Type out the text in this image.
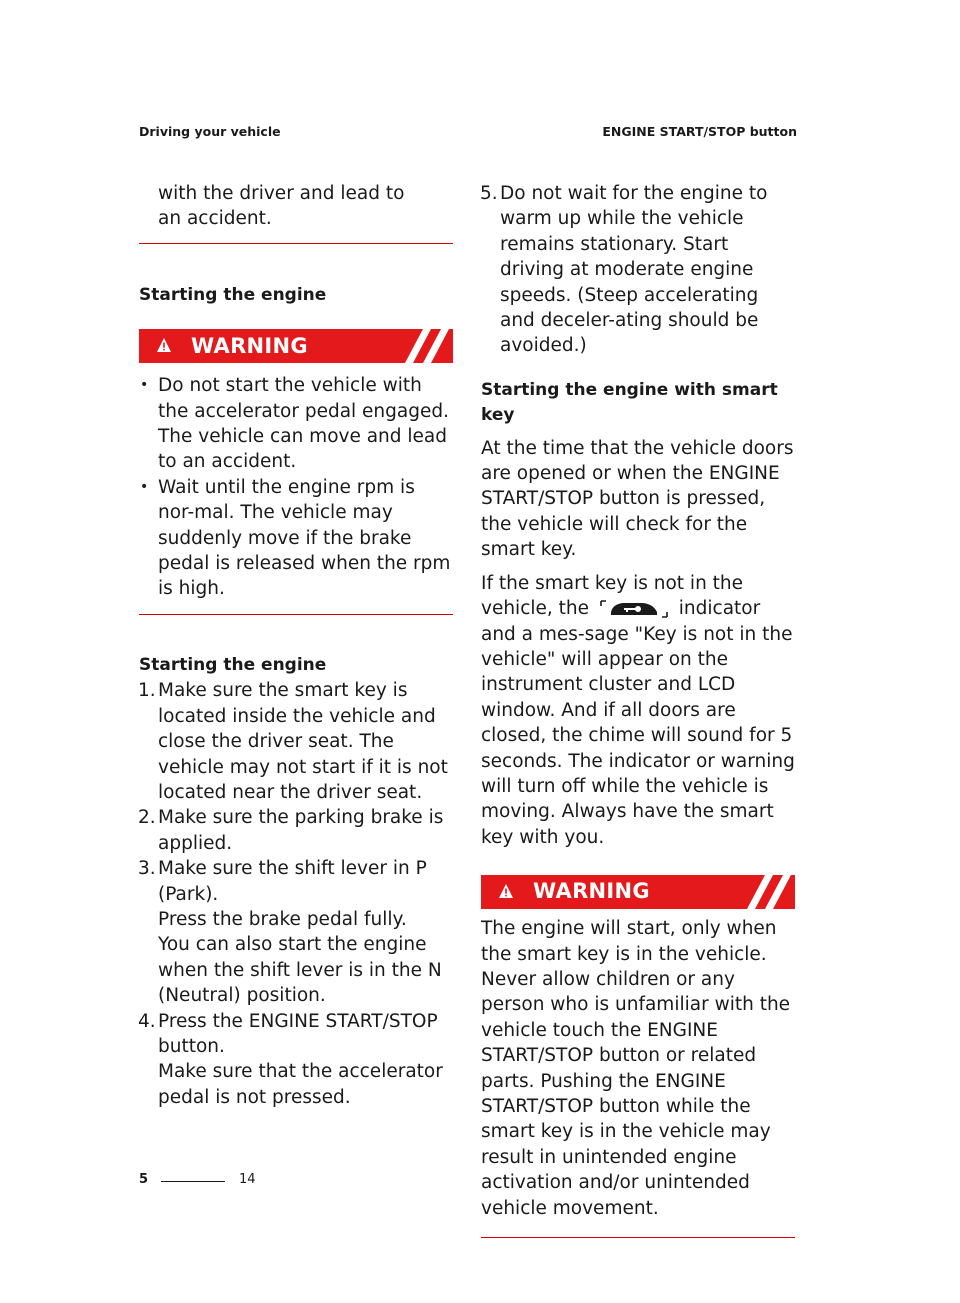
Driving your vehicle	ENGINE START/STOP button

with the driver and lead to an accident.

Starting the engine

WARNING
• Do not start the vehicle with the accelerator pedal engaged. The vehicle can move and lead to an accident.
• Wait until the engine rpm is nor-mal. The vehicle may suddenly move if the brake pedal is released when the rpm is high.

Starting the engine

1. Make sure the smart key is located inside the vehicle and close the driver seat. The vehicle may not start if it is not located near the driver seat.
2. Make sure the parking brake is applied.
3. Make sure the shift lever in P (Park).
Press the brake pedal fully.
You can also start the engine when the shift lever is in the N (Neutral) position.
4. Press the ENGINE START/STOP button.
Make sure that the accelerator pedal is not pressed.
5. Do not wait for the engine to warm up while the vehicle remains stationary. Start driving at moderate engine speeds. (Steep accelerating and deceler-ating should be avoided.)

Starting the engine with smart key

At the time that the vehicle doors are opened or when the ENGINE START/STOP button is pressed, the vehicle will check for the smart key.

If the smart key is not in the vehicle, the	indicator and a mes-sage "Key is not in the vehicle" will appear on the instrument cluster and LCD window. And if all doors are closed, the chime will sound for 5 seconds. The indicator or warning will turn off while the vehicle is moving. Always have the smart key with you.

WARNING

The engine will start, only when the smart key is in the vehicle. Never allow children or any person who is unfamiliar with the vehicle touch the ENGINE START/STOP button or related parts. Pushing the ENGINE START/STOP button while the smart key is in the vehicle may result in unintended engine activation and/or unintended vehicle movement.

5	14
